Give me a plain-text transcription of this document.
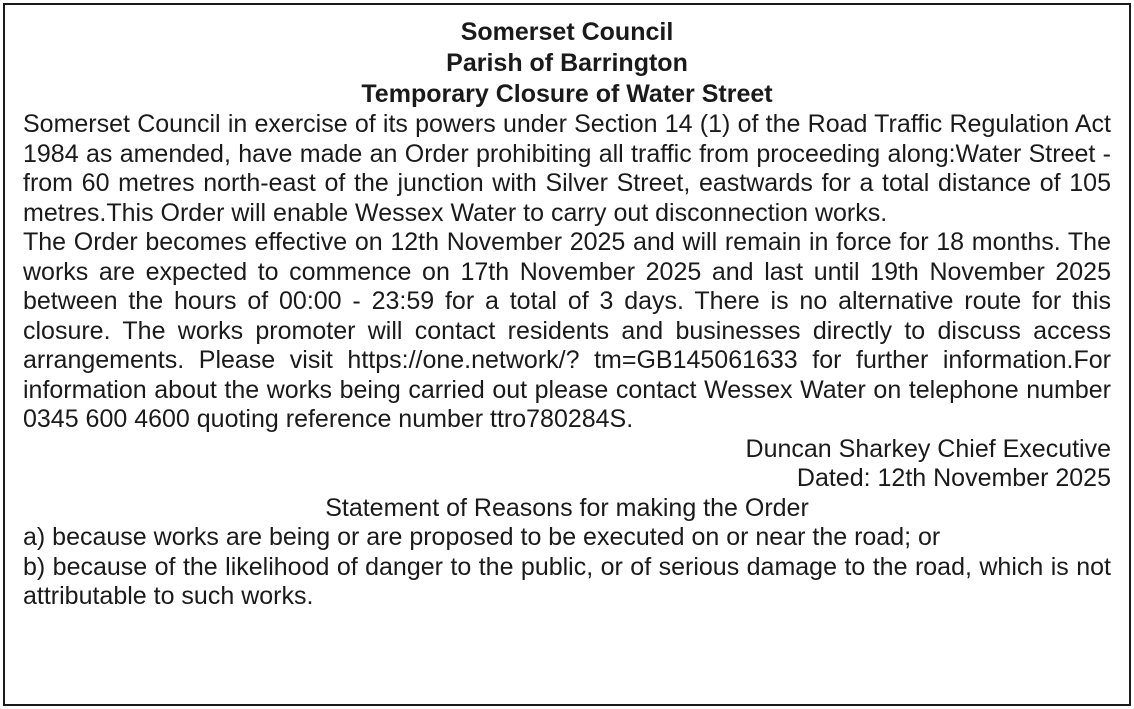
Somerset Council

Parish of Barrington

Temporary Closure of Water Street

Somerset Council in exercise of its powers under Section 14 (1) of the Road Traffic Regulation Act 1984 as amended, have made an Order prohibiting all traffic from proceeding along:Water Street - from 60 metres north-east of the junction with Silver Street, eastwards for a total distance of 105 metres.This Order will enable Wessex Water to carry out disconnection works.

The Order becomes effective on 12th November 2025 and will remain in force for 18 months. The works are expected to commence on 17th November 2025 and last until 19th November 2025 between the hours of 00:00 - 23:59 for a total of 3 days. There is no alternative route for this closure. The works promoter will contact residents and businesses directly to discuss access arrangements. Please visit https://one.network/? tm=GB145061633 for further information.For information about the works being carried out please contact Wessex Water on telephone number 0345 600 4600 quoting reference number ttro780284S.

Duncan Sharkey Chief Executive

Dated: 12th November 2025

Statement of Reasons for making the Order

a) because works are being or are proposed to be executed on or near the road; or

b) because of the likelihood of danger to the public, or of serious damage to the road, which is not attributable to such works.
